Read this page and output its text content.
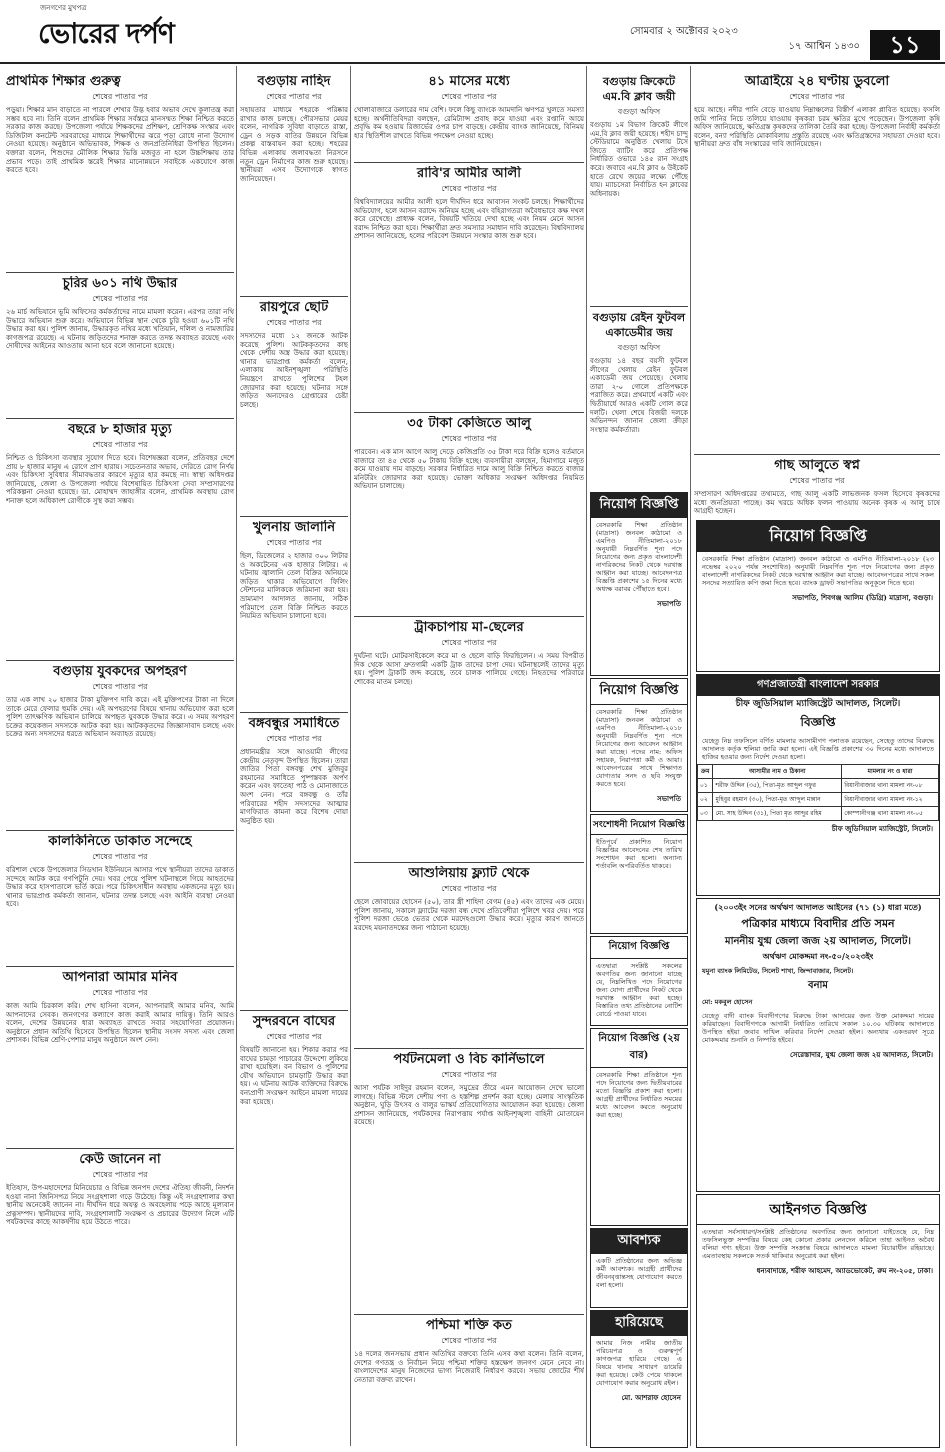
জনগণের মুখপত্র
ভোরের দর্পণ	সোমবার ২ অক্টোবর ২০২৩
১৭ আশ্বিন ১৪৩০	১১
প্রাথমিক শিক্ষার গুরুত্ব
শেষের পাতার পর
পড়ুয়া। শিক্ষার মান বাড়াতে না পারলে শেখার উদ্ভ হবার অভাব দেখে কুলাতন্ত্র করা সম্ভব হবে না। তিনি বলেন প্রাথমিক শিক্ষার সর্বস্তরে মানসম্মত শিক্ষা নিশ্চিত করতে সরকার কাজ করছে। উপজেলা পর্যায়ে শিক্ষকদের প্রশিক্ষণ, শ্রেণিকক্ষ সংস্কার এবং ডিজিটাল কনটেন্ট সরবরাহের মাধ্যমে শিক্ষার্থীদের ঝরে পড়া রোধে নানা উদ্যোগ নেওয়া হয়েছে। অনুষ্ঠানে অভিভাবক, শিক্ষক ও জনপ্রতিনিধিরা উপস্থিত ছিলেন। বক্তারা বলেন, শিশুদের মৌলিক শিক্ষার ভিত্তি মজবুত না হলে উচ্চশিক্ষায় তার প্রভাব পড়ে। তাই প্রাথমিক স্তরেই শিক্ষার মানোন্নয়নে সবাইকে একযোগে কাজ করতে হবে।
চুরির ৬০১ নথি উদ্ধার
শেষের পাতার পর
২৬ মার্চ অভিযানে ভূমি অফিসের কর্মকর্তাদের নামে মামলা করেন। এরপর তারা নথি উদ্ধারে অভিযান শুরু করে। অভিযানে বিভিন্ন স্থান থেকে চুরি হওয়া ৬০১টি নথি উদ্ধার করা হয়। পুলিশ জানায়, উদ্ধারকৃত নথির মধ্যে খতিয়ান, দলিল ও নামজারির কাগজপত্র রয়েছে। এ ঘটনায় জড়িতদের শনাক্ত করতে তদন্ত অব্যাহত রয়েছে এবং দোষীদের আইনের আওতায় আনা হবে বলে জানানো হয়েছে।
বছরে ৮ হাজার মৃত্যু
শেষের পাতার পর
নিশ্চিত ও চিকিৎসা ব্যবস্থার সুযোগ দিতে হবে। বিশেষজ্ঞরা বলেন, প্রতিবছর দেশে প্রায় ৮ হাজার মানুষ এ রোগে প্রাণ হারায়। সচেতনতার অভাব, দেরিতে রোগ নির্ণয় এবং চিকিৎসা সুবিধার সীমাবদ্ধতার কারণে মৃত্যুর হার কমছে না। স্বাস্থ্য অধিদপ্তর জানিয়েছে, জেলা ও উপজেলা পর্যায়ে বিশেষায়িত চিকিৎসা সেবা সম্প্রসারণের পরিকল্পনা নেওয়া হয়েছে। ডা. মোহাম্মদ জাহাঙ্গীর বলেন, প্রাথমিক অবস্থায় রোগ শনাক্ত হলে অধিকাংশ রোগীকে সুস্থ করা সম্ভব।
বগুড়ায় যুবকদের অপহরণ
শেষের পাতার পর
তার এক লাখ ২০ হাজার টাকা মুক্তিপণ দাবি করে। এই মুক্তিপণের টাকা না দিলে তাকে মেরে ফেলার হুমকি দেয়। এই অপহরণের বিষয়ে থানায় অভিযোগ করা হলে পুলিশ তাৎক্ষণিক অভিযান চালিয়ে অপহৃত যুবককে উদ্ধার করে। এ সময় অপহরণ চক্রের কয়েকজন সদস্যকে আটক করা হয়। আটককৃতদের জিজ্ঞাসাবাদ চলছে এবং চক্রের অন্য সদস্যদের ধরতে অভিযান অব্যাহত রয়েছে।
কালকিনিতে ডাকাত সন্দেহে
শেষের পাতার পর
বরিশাল থেকে উপজেলার সিডখান ইউনিয়নে আসার পথে স্থানীয়রা তাদের ডাকাত সন্দেহে আটক করে গণপিটুনি দেয়। খবর পেয়ে পুলিশ ঘটনাস্থলে গিয়ে আহতদের উদ্ধার করে হাসপাতালে ভর্তি করে। পরে চিকিৎসাধীন অবস্থায় একজনের মৃত্যু হয়। থানার ভারপ্রাপ্ত কর্মকর্তা জানান, ঘটনার তদন্ত চলছে এবং আইনি ব্যবস্থা নেওয়া হবে।
আপনারা আমার মনিব
শেষের পাতার পর
কাজ আমি চিরকাল করি। শেখ হাসিনা বলেন, আপনারাই আমার মনিব, আমি আপনাদের সেবক। জনগণের কল্যাণে কাজ করাই আমার দায়িত্ব। তিনি আরও বলেন, দেশের উন্নয়নের ধারা অব্যাহত রাখতে সবার সহযোগিতা প্রয়োজন। অনুষ্ঠানে প্রধান অতিথি হিসেবে উপস্থিত ছিলেন স্থানীয় সংসদ সদস্য এবং জেলা প্রশাসক। বিভিন্ন শ্রেণি-পেশার মানুষ অনুষ্ঠানে অংশ নেন।
কেউ জানেন না
শেষের পাতার পর
ইতিহাস, উপ-মহাদেশের মিনিয়েচার ও বিভিন্ন জনপদ দেশের ঐতিহ্য জীবনী, নিদর্শন হওয়া নানা জিনিসপত্র নিয়ে সংগ্রহশালা গড়ে উঠেছে। কিন্তু এই সংগ্রহশালার কথা স্থানীয় অনেকেই জানেন না। দীর্ঘদিন ধরে অযত্ন ও অবহেলায় পড়ে আছে মূল্যবান প্রত্নসম্পদ। স্থানীয়দের দাবি, সংগ্রহশালাটি সংরক্ষণ ও প্রচারের উদ্যোগ নিলে এটি পর্যটকদের কাছে আকর্ষণীয় হয়ে উঠতে পারে।
বগুড়ায় নাহিদ
শেষের পাতার পর
সহায়তার মাধ্যমে শহরকে পরিষ্কার রাখার কাজ চলছে। পৌরসভার মেয়র বলেন, নাগরিক সুবিধা বাড়াতে রাস্তা, ড্রেন ও সড়ক বাতির উন্নয়নে বিভিন্ন প্রকল্প বাস্তবায়ন করা হচ্ছে। শহরের বিভিন্ন এলাকায় জলাবদ্ধতা নিরসনে নতুন ড্রেন নির্মাণের কাজ শুরু হয়েছে। স্থানীয়রা এসব উদ্যোগকে স্বাগত জানিয়েছেন।
রায়পুরে ছোট
শেষের পাতার পর
সদস্যদের মধ্যে ১২ জনকে আটক করেছে পুলিশ। আটককৃতদের কাছ থেকে দেশীয় অস্ত্র উদ্ধার করা হয়েছে। থানার ভারপ্রাপ্ত কর্মকর্তা বলেন, এলাকায় আইনশৃঙ্খলা পরিস্থিতি নিয়ন্ত্রণে রাখতে পুলিশের টহল জোরদার করা হয়েছে। ঘটনার সঙ্গে জড়িত অন্যদেরও গ্রেপ্তারের চেষ্টা চলছে।
খুলনায় জালানি
শেষের পাতার পর
ছিল, ডিজেলের ২ হাজার ৩০০ লিটার ও অকটেনের এক হাজার লিটার। এ ঘটনায় জ্বালানি তেল বিক্রির অনিয়মে জড়িত থাকার অভিযোগে ফিলিং স্টেশনের মালিককে জরিমানা করা হয়। ভ্রাম্যমাণ আদালত জানায়, সঠিক পরিমাপে তেল বিক্রি নিশ্চিত করতে নিয়মিত অভিযান চালানো হবে।
বঙ্গবন্ধুর সমাধিতে
শেষের পাতার পর
প্রধানমন্ত্রীর সঙ্গে আওয়ামী লীগের কেন্দ্রীয় নেতৃবৃন্দ উপস্থিত ছিলেন। তারা জাতির পিতা বঙ্গবন্ধু শেখ মুজিবুর রহমানের সমাধিতে পুষ্পস্তবক অর্পণ করেন এবং ফাতেহা পাঠ ও মোনাজাতে অংশ নেন। পরে বঙ্গবন্ধু ও তাঁর পরিবারের শহীদ সদস্যদের আত্মার মাগফিরাত কামনা করে বিশেষ দোয়া অনুষ্ঠিত হয়।
সুন্দরবনে বাঘের
শেষের পাতার পর
বিষয়টি জানানো হয়। শিকার করার পর বাঘের চামড়া পাচারের উদ্দেশ্যে লুকিয়ে রাখা হয়েছিল। বন বিভাগ ও পুলিশের যৌথ অভিযানে চামড়াটি উদ্ধার করা হয়। এ ঘটনায় আটক ব্যক্তিদের বিরুদ্ধে বন্যপ্রাণী সংরক্ষণ আইনে মামলা দায়ের করা হয়েছে।
৪১ মাসের মধ্যে
শেষের পাতার পর
খোলাবাজারে ডলারের দাম বেশি। ফলে কিছু ব্যাংকে আমদানি ঋণপত্র খুলতে সমস্যা হচ্ছে। অর্থনীতিবিদরা বলছেন, রেমিট্যান্স প্রবাহ কমে যাওয়া এবং রপ্তানি আয়ে প্রবৃদ্ধি কম হওয়ায় রিজার্ভের ওপর চাপ বাড়ছে। কেন্দ্রীয় ব্যাংক জানিয়েছে, বিনিময় হার স্থিতিশীল রাখতে বিভিন্ন পদক্ষেপ নেওয়া হচ্ছে।
রাবি'র আমীর আলী
শেষের পাতার পর
বিশ্ববিদ্যালয়ের আমীর আলী হলে দীর্ঘদিন ধরে আবাসন সংকট চলছে। শিক্ষার্থীদের অভিযোগ, হলে আসন বরাদ্দে অনিয়ম হচ্ছে এবং বহিরাগতরা অবৈধভাবে কক্ষ দখল করে রেখেছে। প্রাধ্যক্ষ বলেন, বিষয়টি খতিয়ে দেখা হচ্ছে এবং নিয়ম মেনে আসন বরাদ্দ নিশ্চিত করা হবে। শিক্ষার্থীরা দ্রুত সমস্যার সমাধান দাবি করেছেন। বিশ্ববিদ্যালয় প্রশাসন জানিয়েছে, হলের পরিবেশ উন্নয়নে সংস্কার কাজ শুরু হবে।
৩৫ টাকা কেজিতে আলু
শেষের পাতার পর
পারবেন। এক মাস আগে আলু দেড়ে কেজিপ্রতি ৩৫ টাকা দরে বিক্রি হলেও বর্তমানে বাজারে তা ৪৫ থেকে ৫০ টাকায় বিক্রি হচ্ছে। ব্যবসায়ীরা বলছেন, হিমাগারে মজুত কমে যাওয়ায় দাম বাড়ছে। সরকার নির্ধারিত দামে আলু বিক্রি নিশ্চিত করতে বাজার মনিটরিং জোরদার করা হয়েছে। ভোক্তা অধিকার সংরক্ষণ অধিদপ্তর নিয়মিত অভিযান চালাচ্ছে।
ট্রাকচাপায় মা-ছেলের
শেষের পাতার পর
দুর্ঘটনা ঘটে। মোটরসাইকেলে করে মা ও ছেলে বাড়ি ফিরছিলেন। এ সময় বিপরীত দিক থেকে আসা দ্রুতগামী একটি ট্রাক তাদের চাপা দেয়। ঘটনাস্থলেই তাদের মৃত্যু হয়। পুলিশ ট্রাকটি জব্দ করেছে, তবে চালক পালিয়ে গেছে। নিহতদের পরিবারে শোকের মাতম চলছে।
আশুলিয়ায় ফ্ল্যাট থেকে
শেষের পাতার পর
ছেলে জোবায়ের হোসেন (৫০), তার স্ত্রী শাহিদা বেগম (৪৫) এবং তাদের এক মেয়ে। পুলিশ জানায়, সকালে ফ্ল্যাটের দরজা বন্ধ দেখে প্রতিবেশীরা পুলিশে খবর দেয়। পরে পুলিশ দরজা ভেঙে ভেতর থেকে মরদেহগুলো উদ্ধার করে। মৃত্যুর কারণ জানতে মরদেহ ময়নাতদন্তের জন্য পাঠানো হয়েছে।
পর্যটনমেলা ও বিচ কার্নিভালে
শেষের পাতার পর
আসা পর্যটক সাইদুর রহমান বলেন, সমুদ্রের তীরে এমন আয়োজন দেখে ভালো লাগছে। বিভিন্ন স্টলে দেশীয় পণ্য ও হস্তশিল্প প্রদর্শন করা হচ্ছে। মেলায় সাংস্কৃতিক অনুষ্ঠান, ঘুড়ি উৎসব ও বালুর ভাস্কর্য প্রতিযোগিতার আয়োজন করা হয়েছে। জেলা প্রশাসন জানিয়েছে, পর্যটকদের নিরাপত্তায় পর্যাপ্ত আইনশৃঙ্খলা বাহিনী মোতায়েন রয়েছে।
পশ্চিমা শক্তি কত
শেষের পাতার পর
১৪ দলের জনসভায় প্রধান অতিথির বক্তব্যে তিনি এসব কথা বলেন। তিনি বলেন, দেশের গণতন্ত্র ও নির্বাচন নিয়ে পশ্চিমা শক্তির হস্তক্ষেপ জনগণ মেনে নেবে না। বাংলাদেশের মানুষ নিজেদের ভাগ্য নিজেরাই নির্ধারণ করবে। সভায় জোটের শীর্ষ নেতারা বক্তব্য রাখেন।
বগুড়ায় ক্রিকেটে এম.বি ক্লাব জয়ী
বগুড়া অফিস
বগুড়ায় ১ম বিভাগ ক্রিকেট লীগে এম.বি ক্লাব জয়ী হয়েছে। শহীদ চান্দু স্টেডিয়ামে অনুষ্ঠিত খেলায় টসে জিতে ব্যাটিং করে প্রতিপক্ষ নির্ধারিত ওভারে ১৪৫ রান সংগ্রহ করে। জবাবে এম.বি ক্লাব ৬ উইকেট হাতে রেখে জয়ের লক্ষ্যে পৌঁছে যায়। ম্যাচসেরা নির্বাচিত হন ক্লাবের অধিনায়ক।
বগুড়ায় রেইন ফুটবল একাডেমীর জয়
বগুড়া অফিস
বগুড়ায় ১৪ বছর বয়সী ফুটবল লীগের খেলায় রেইন ফুটবল একাডেমী জয় পেয়েছে। খেলায় তারা ২-০ গোলে প্রতিপক্ষকে পরাজিত করে। প্রথমার্ধে একটি এবং দ্বিতীয়ার্ধে আরও একটি গোল করে দলটি। খেলা শেষে বিজয়ী দলকে অভিনন্দন জানান জেলা ক্রীড়া সংস্থার কর্মকর্তারা।
নিয়োগ বিজ্ঞপ্তি
বেসরকারি শিক্ষা প্রতিষ্ঠান (মাদ্রাসা) জনবল কাঠামো ও এমপিও নীতিমালা-২০১৮ অনুযায়ী নিম্নবর্ণিত শূন্য পদে নিয়োগের জন্য প্রকৃত বাংলাদেশী নাগরিকদের নিকট থেকে দরখাস্ত আহ্বান করা যাচ্ছে। আবেদনপত্র বিজ্ঞপ্তি প্রকাশের ১৫ দিনের মধ্যে অধ্যক্ষ বরাবর পৌঁছাতে হবে।
সভাপতি
নিয়োগ বিজ্ঞপ্তি
বেসরকারি শিক্ষা প্রতিষ্ঠান (মাদ্রাসা) জনবল কাঠামো ও এমপিও নীতিমালা-২০১৮ অনুযায়ী নিম্নবর্ণিত শূন্য পদে নিয়োগের জন্য আবেদন আহ্বান করা যাচ্ছে। পদের নাম: অফিস সহায়ক, নিরাপত্তা কর্মী ও আয়া। আবেদনপত্রের সাথে শিক্ষাগত যোগ্যতার সনদ ও ছবি সংযুক্ত করতে হবে।
সভাপতি
সংশোধনী নিয়োগ বিজ্ঞপ্তি
ইতিপূর্বে প্রকাশিত নিয়োগ বিজ্ঞপ্তির আবেদনের শেষ তারিখ সংশোধন করা হলো। অন্যান্য শর্তাবলি অপরিবর্তিত থাকবে।
নিয়োগ বিজ্ঞপ্তি
এতদ্বারা সংশ্লিষ্ট সকলের অবগতির জন্য জানানো যাচ্ছে যে, নিম্নলিখিত পদে নিয়োগের জন্য যোগ্য প্রার্থীদের নিকট থেকে দরখাস্ত আহ্বান করা হচ্ছে। বিস্তারিত তথ্য প্রতিষ্ঠানের নোটিশ বোর্ডে পাওয়া যাবে।
নিয়োগ বিজ্ঞপ্তি (২য় বার)
বেসরকারি শিক্ষা প্রতিষ্ঠানে শূন্য পদে নিয়োগের জন্য দ্বিতীয়বারের মতো বিজ্ঞপ্তি প্রকাশ করা হলো। আগ্রহী প্রার্থীদের নির্ধারিত সময়ের মধ্যে আবেদন করতে অনুরোধ করা হচ্ছে।
আবশ্যক
একটি প্রতিষ্ঠানের জন্য অভিজ্ঞ কর্মী আবশ্যক। আগ্রহী প্রার্থীদের জীবনবৃত্তান্তসহ যোগাযোগ করতে বলা হলো।
হারিয়েছে
আমার নিজ নামীয় জাতীয় পরিচয়পত্র ও গুরুত্বপূর্ণ কাগজপত্র হারিয়ে গেছে। এ বিষয়ে থানায় সাধারণ ডায়েরি করা হয়েছে। কেউ পেয়ে থাকলে যোগাযোগ করার অনুরোধ রইল।
মো. আশরাফ হোসেন
আত্রাইয়ে ২৪ ঘণ্টায় ডুবলো
শেষের পাতার পর
হয়ে আছে। নদীর পানি বেড়ে যাওয়ায় নিম্নাঞ্চলের বিস্তীর্ণ এলাকা প্লাবিত হয়েছে। ফসলি জমি পানির নিচে তলিয়ে যাওয়ায় কৃষকরা চরম ক্ষতির মুখে পড়েছেন। উপজেলা কৃষি অফিস জানিয়েছে, ক্ষতিগ্রস্ত কৃষকদের তালিকা তৈরি করা হচ্ছে। উপজেলা নির্বাহী কর্মকর্তা বলেন, বন্যা পরিস্থিতি মোকাবিলায় প্রস্তুতি রয়েছে এবং ক্ষতিগ্রস্তদের সহায়তা দেওয়া হবে। স্থানীয়রা দ্রুত বাঁধ সংস্কারের দাবি জানিয়েছেন।
গাছ আলুতে স্বপ্ন
শেষের পাতার পর
সম্প্রসারণ অধিদপ্তরের তথ্যমতে, গাছ আলু একটি লাভজনক ফসল হিসেবে কৃষকদের মধ্যে জনপ্রিয়তা পাচ্ছে। কম খরচে অধিক ফলন পাওয়ায় অনেক কৃষক এ আলু চাষে আগ্রহী হচ্ছেন।
নিয়োগ বিজ্ঞপ্তি
বেসরকারি শিক্ষা প্রতিষ্ঠান (মাদ্রাসা) জনবল কাঠামো ও এমপিও নীতিমালা-২০১৮ (২৩ নভেম্বর ২০২০ পর্যন্ত সংশোধিত) অনুযায়ী নিম্নবর্ণিত শূন্য পদে নিয়োগের জন্য প্রকৃত বাংলাদেশী নাগরিকদের নিকট থেকে দরখাস্ত আহ্বান করা যাচ্ছে। আবেদনপত্রের সাথে সকল সনদের সত্যায়িত কপি জমা দিতে হবে। ব্যাংক ড্রাফট সভাপতির অনুকূলে দিতে হবে।
সভাপতি, শিবগঞ্জ আলিম (ডিগ্রি) মাদ্রাসা, বগুড়া।
গণপ্রজাতন্ত্রী বাংলাদেশ সরকার
চীফ জুডিসিয়াল ম্যাজিস্ট্রেট আদালত, সিলেট।
বিজ্ঞপ্তি
যেহেতু নিম্ন তফসিলে বর্ণিত মামলার আসামীগণ পলাতক রয়েছেন, সেহেতু তাদের বিরুদ্ধে আদালত কর্তৃক হুলিয়া জারি করা হলো। এই বিজ্ঞপ্তি প্রকাশের ৩০ দিনের মধ্যে আদালতে হাজির হওয়ার জন্য নির্দেশ দেওয়া হলো।
ক্রম	আসামীর নাম ও ঠিকানা	মামলার নং ও ধারা
০১	শরীফ উদ্দিন (৩৫), পিতা-মৃত আব্দুল গফুর	বিয়ানীবাজার থানা মামলা নং-০৮
০২	মুহিবুর রহমান (৩০), পিতা-মৃত আব্দুল মান্নান	বিয়ানীবাজার থানা মামলা নং-১২
০৩	মো. সাহ উদ্দিন (৩১), পিতা মৃত আব্দুর রহিম	কোম্পানীগঞ্জ থানা মামলা নং-০৫
চীফ জুডিসিয়াল ম্যাজিস্ট্রেট, সিলেট।
(২০০৩ইং সনের অর্থঋণ আদালত আইনের (৭১ (১) ধারা মতে)
পত্রিকার মাধ্যমে বিবাদীর প্রতি সমন
মাননীয় যুগ্ম জেলা জজ ২য় আদালত, সিলেট।
অর্থঋণ মোকদ্দমা নং-৫০/২০২৩ইং
যমুনা ব্যাংক লিমিটেড, সিলেট শাখা, জিন্দাবাজার, সিলেট।
বনাম
মো: মকবুল হোসেন
যেহেতু বাদী ব্যাংক বিবাদীগণের বিরুদ্ধে টাকা আদায়ের জন্য উক্ত মোকদ্দমা দায়ের করিয়াছেন। বিবাদীগণকে আগামী নির্ধারিত তারিখে সকাল ১০.৩০ ঘটিকায় আদালতে উপস্থিত হইয়া জবাব দাখিল করিবার নির্দেশ দেওয়া হইল। অন্যথায় একতরফা সূত্রে মোকদ্দমার শুনানি ও নিষ্পত্তি হইবে।
সেরেস্তাদার, যুগ্ম জেলা জজ ২য় আদালত, সিলেট।
আইনগত বিজ্ঞপ্তি
এতদ্বারা সর্বসাধারণ/সংশ্লিষ্ট প্রতিষ্ঠানের অবগতির জন্য জানানো যাইতেছে যে, নিম্ন তফসিলভুক্ত সম্পত্তির বিষয়ে কেহ কোনো প্রকার লেনদেন করিলে তাহা আইনত অবৈধ বলিয়া গণ্য হইবে। উক্ত সম্পত্তি সংক্রান্ত বিষয়ে আদালতে মামলা বিচারাধীন রহিয়াছে। এমতাবস্থায় সকলকে সতর্ক থাকিবার অনুরোধ করা হইল।
ধন্যবাদান্তে, শরীফ আহমেদ, অ্যাডভোকেট, রুম নং-২০৫, ঢাকা।
